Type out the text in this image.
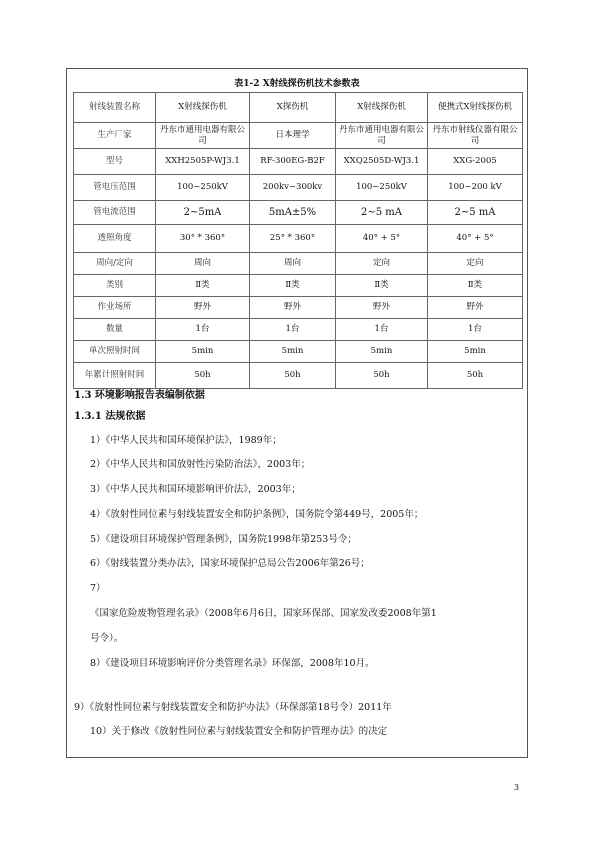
表1-2 X射线探伤机技术参数表
射线装置名称	X射线探伤机	X探伤机	X射线探伤机	便携式X射线探伤机
生产厂家	丹东市通用电器有限公司	日本理学	丹东市通用电器有限公司	丹东市射线仪器有限公司
型号	XXH2505P-WJ3.1	RF-300EG-B2F	XXQ2505D-WJ3.1	XXG-2005
管电压范围	100~250kV	200kv~300kv	100~250kV	100~200 kV
管电流范围	2~5mA	5mA±5%	2~5 mA	2~5 mA
透照角度	30° * 360°	25° * 360°	40° + 5°	40° + 5°
周向/定向	周向	周向	定向	定向
类别	Ⅱ类	Ⅱ类	Ⅱ类	Ⅱ类
作业场所	野外	野外	野外	野外
数量	1台	1台	1台	1台
单次照射时间	5min	5min	5min	5min
年累计照射时间	50h	50h	50h	50h
1.3 环境影响报告表编制依据
1.3.1 法规依据
1）《中华人民共和国环境保护法》，1989年；
2）《中华人民共和国放射性污染防治法》，2003年；
3）《中华人民共和国环境影响评价法》，2003年；
4）《放射性同位素与射线装置安全和防护条例》，国务院令第449号，2005年；
5）《建设项目环境保护管理条例》，国务院1998年第253号令；
6）《射线装置分类办法》，国家环境保护总局公告2006年第26号；
7）
《国家危险废物管理名录》（2008年6月6日，国家环保部、国家发改委2008年第1
号令）。
8）《建设项目环境影响评价分类管理名录》环保部，2008年10月。
9）《放射性同位素与射线装置安全和防护办法》（环保部第18号令）2011年
10）关于修改《放射性同位素与射线装置安全和防护管理办法》的决定
3
